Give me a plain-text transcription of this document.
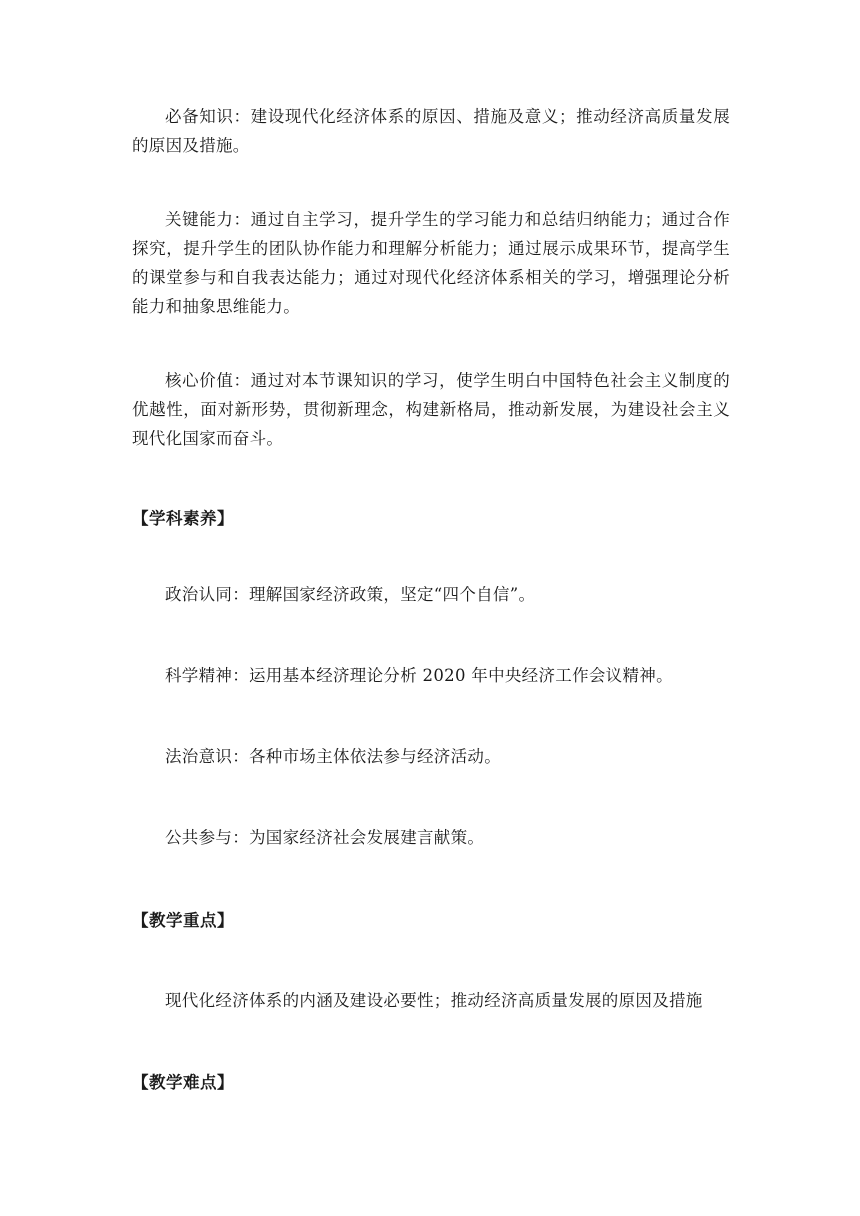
必备知识：建设现代化经济体系的原因、措施及意义；推动经济高质量发展的原因及措施。

关键能力：通过自主学习，提升学生的学习能力和总结归纳能力；通过合作探究，提升学生的团队协作能力和理解分析能力；通过展示成果环节，提高学生的课堂参与和自我表达能力；通过对现代化经济体系相关的学习，增强理论分析能力和抽象思维能力。

核心价值：通过对本节课知识的学习，使学生明白中国特色社会主义制度的优越性，面对新形势，贯彻新理念，构建新格局，推动新发展，为建设社会主义现代化国家而奋斗。

【学科素养】

政治认同：理解国家经济政策，坚定“四个自信”。

科学精神：运用基本经济理论分析 2020 年中央经济工作会议精神。

法治意识：各种市场主体依法参与经济活动。

公共参与：为国家经济社会发展建言献策。

【教学重点】

现代化经济体系的内涵及建设必要性；推动经济高质量发展的原因及措施

【教学难点】
